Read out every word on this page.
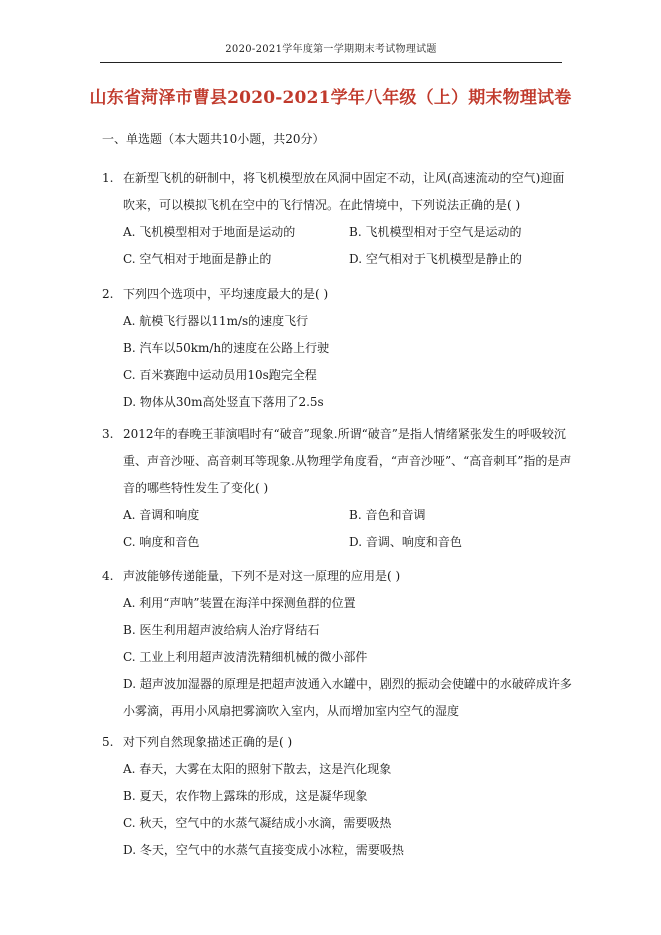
2020-2021学年度第一学期期末考试物理试题
山东省菏泽市曹县2020-2021学年八年级（上）期末物理试卷
一、单选题（本大题共10小题，共20分）
1. 在新型飞机的研制中，将飞机模型放在风洞中固定不动，让风(高速流动的空气)迎面吹来，可以模拟飞机在空中的飞行情况。在此情境中，下列说法正确的是( )
A. 飞机模型相对于地面是运动的	B. 飞机模型相对于空气是运动的
C. 空气相对于地面是静止的	D. 空气相对于飞机模型是静止的
2. 下列四个选项中，平均速度最大的是( )
A. 航模飞行器以11m/s的速度飞行
B. 汽车以50km/h的速度在公路上行驶
C. 百米赛跑中运动员用10s跑完全程
D. 物体从30m高处竖直下落用了2.5s
3. 2012年的春晚王菲演唱时有“破音”现象.所谓“破音”是指人情绪紧张发生的呼吸较沉重、声音沙哑、高音刺耳等现象.从物理学角度看，“声音沙哑”、“高音刺耳”指的是声音的哪些特性发生了变化( )
A. 音调和响度	B. 音色和音调
C. 响度和音色	D. 音调、响度和音色
4. 声波能够传递能量，下列不是对这一原理的应用是( )
A. 利用“声呐”装置在海洋中探测鱼群的位置
B. 医生利用超声波给病人治疗肾结石
C. 工业上利用超声波清洗精细机械的微小部件
D. 超声波加湿器的原理是把超声波通入水罐中，剧烈的振动会使罐中的水破碎成许多小雾滴，再用小风扇把雾滴吹入室内，从而增加室内空气的湿度
5. 对下列自然现象描述正确的是( )
A. 春天，大雾在太阳的照射下散去，这是汽化现象
B. 夏天，农作物上露珠的形成，这是凝华现象
C. 秋天，空气中的水蒸气凝结成小水滴，需要吸热
D. 冬天，空气中的水蒸气直接变成小冰粒，需要吸热
